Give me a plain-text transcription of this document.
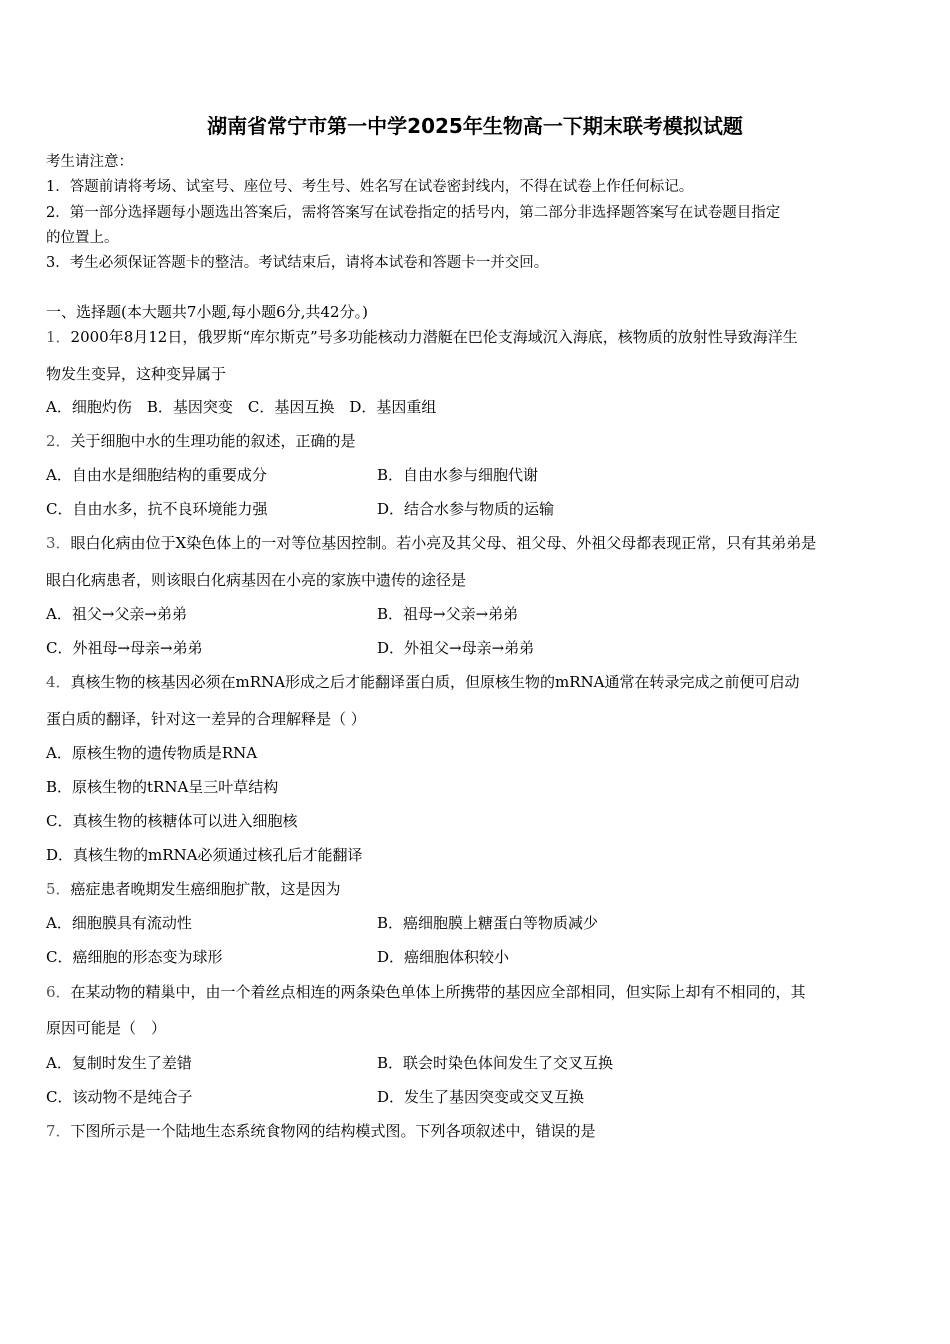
湖南省常宁市第一中学2025年生物高一下期末联考模拟试题
考生请注意：
1．答题前请将考场、试室号、座位号、考生号、姓名写在试卷密封线内，不得在试卷上作任何标记。
2．第一部分选择题每小题选出答案后，需将答案写在试卷指定的括号内，第二部分非选择题答案写在试卷题目指定
的位置上。
3．考生必须保证答题卡的整洁。考试结束后，请将本试卷和答题卡一并交回。
一、选择题(本大题共7小题,每小题6分,共42分。)
1．2000年8月12日，俄罗斯“库尔斯克”号多功能核动力潜艇在巴伦支海域沉入海底，核物质的放射性导致海洋生
物发生变异，这种变异属于
A．细胞灼伤　B．基因突变　C．基因互换　D．基因重组
2．关于细胞中水的生理功能的叙述，正确的是
A．自由水是细胞结构的重要成分	B．自由水参与细胞代谢
C．自由水多，抗不良环境能力强	D．结合水参与物质的运输
3．眼白化病由位于X染色体上的一对等位基因控制。若小亮及其父母、祖父母、外祖父母都表现正常，只有其弟弟是
眼白化病患者，则该眼白化病基因在小亮的家族中遗传的途径是
A．祖父→父亲→弟弟	B．祖母→父亲→弟弟
C．外祖母→母亲→弟弟	D．外祖父→母亲→弟弟
4．真核生物的核基因必须在mRNA形成之后才能翻译蛋白质，但原核生物的mRNA通常在转录完成之前便可启动
蛋白质的翻译，针对这一差异的合理解释是（ ）
A．原核生物的遗传物质是RNA
B．原核生物的tRNA呈三叶草结构
C．真核生物的核糖体可以进入细胞核
D．真核生物的mRNA必须通过核孔后才能翻译
5．癌症患者晚期发生癌细胞扩散，这是因为
A．细胞膜具有流动性	B．癌细胞膜上糖蛋白等物质减少
C．癌细胞的形态变为球形	D．癌细胞体积较小
6．在某动物的精巢中，由一个着丝点相连的两条染色单体上所携带的基因应全部相同，但实际上却有不相同的，其
原因可能是（　）
A．复制时发生了差错	B．联会时染色体间发生了交叉互换
C．该动物不是纯合子	D．发生了基因突变或交叉互换
7．下图所示是一个陆地生态系统食物网的结构模式图。下列各项叙述中，错误的是
